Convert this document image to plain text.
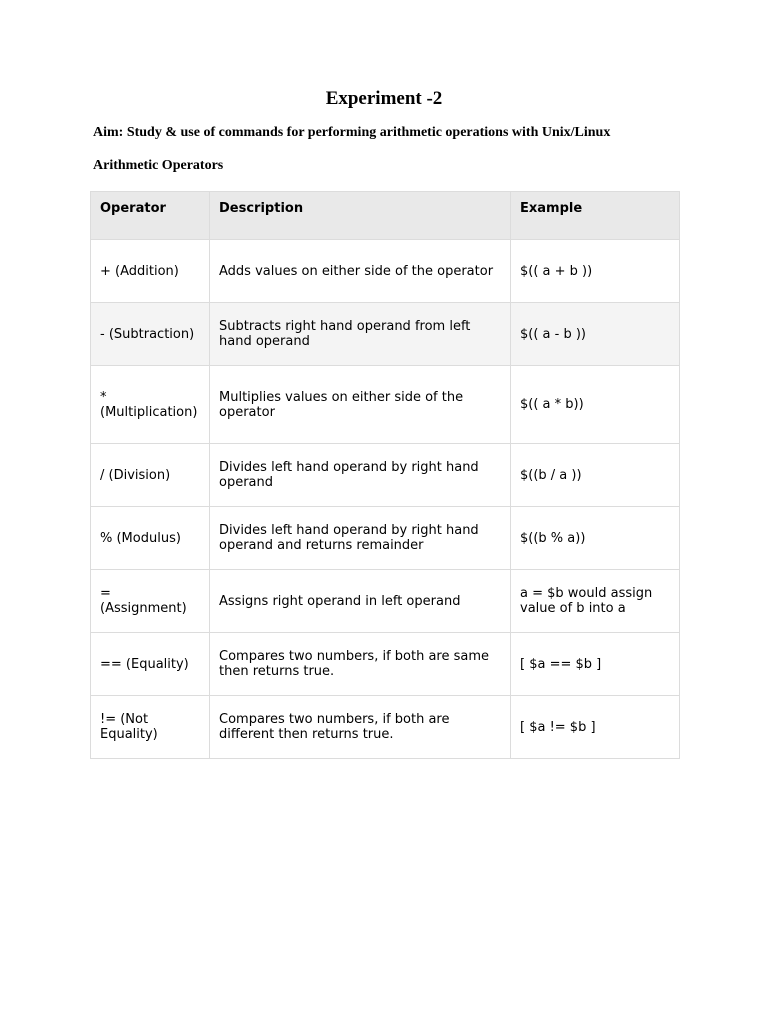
Experiment -2
Aim: Study & use of commands for performing arithmetic operations with Unix/Linux
Arithmetic Operators
Operator	Description	Example
+ (Addition)	Adds values on either side of the operator	$(( a + b ))
- (Subtraction)	Subtracts right hand operand from left hand operand	$(( a - b ))
* (Multiplication)	Multiplies values on either side of the operator	$(( a * b))
/ (Division)	Divides left hand operand by right hand operand	$((b / a ))
% (Modulus)	Divides left hand operand by right hand operand and returns remainder	$((b % a))
= (Assignment)	Assigns right operand in left operand	a = $b would assign value of b into a
== (Equality)	Compares two numbers, if both are same then returns true.	[ $a == $b ]
!= (Not Equality)	Compares two numbers, if both are different then returns true.	[ $a != $b ]
